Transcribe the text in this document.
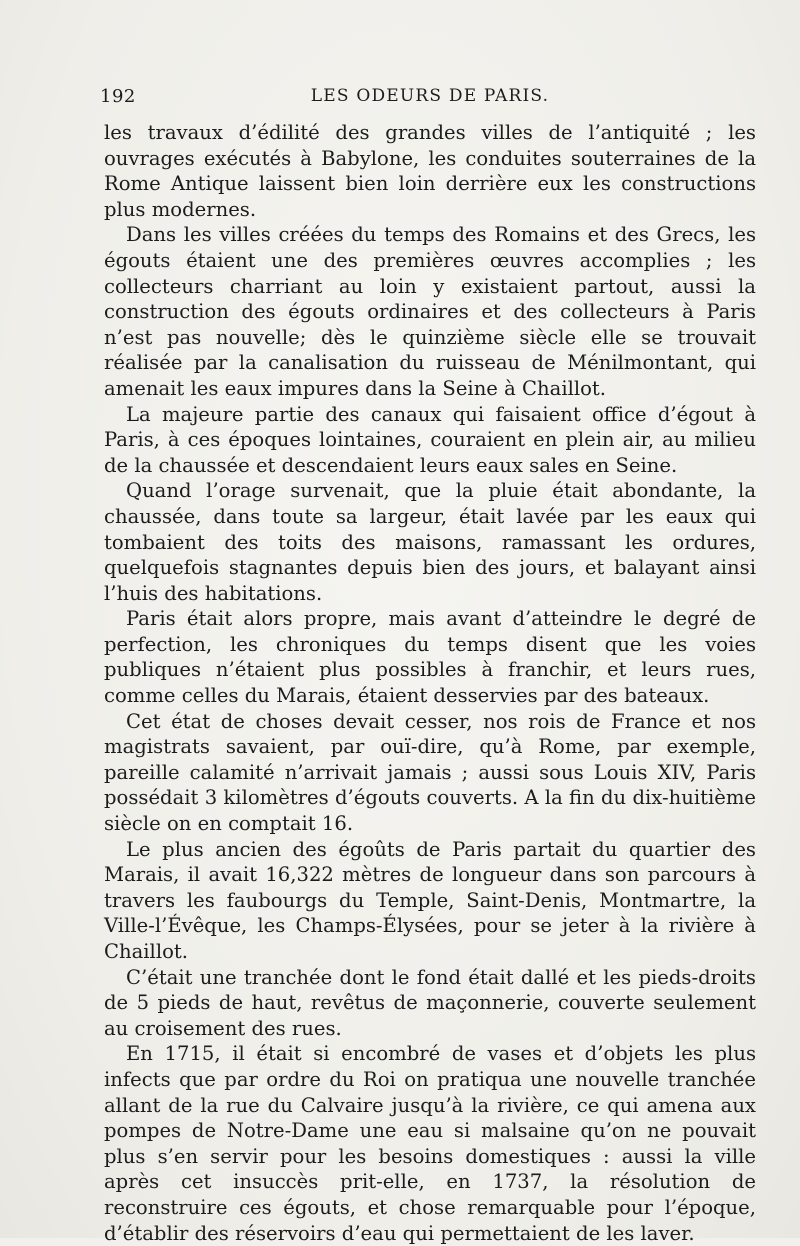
192	LES ODEURS DE PARIS.

les travaux d’édilité des grandes villes de l’antiquité ; les ouvrages exécutés à Babylone, les conduites souterraines de la Rome Antique laissent bien loin derrière eux les constructions plus modernes.

Dans les villes créées du temps des Romains et des Grecs, les égouts étaient une des premières œuvres accomplies ; les collecteurs charriant au loin y existaient partout, aussi la construction des égouts ordinaires et des collecteurs à Paris n’est pas nouvelle; dès le quinzième siècle elle se trouvait réalisée par la canalisation du ruisseau de Ménilmontant, qui amenait les eaux impures dans la Seine à Chaillot.

La majeure partie des canaux qui faisaient office d’égout à Paris, à ces époques lointaines, couraient en plein air, au milieu de la chaussée et descendaient leurs eaux sales en Seine.

Quand l’orage survenait, que la pluie était abondante, la chaussée, dans toute sa largeur, était lavée par les eaux qui tombaient des toits des maisons, ramassant les ordures, quelquefois stagnantes depuis bien des jours, et balayant ainsi l’huis des habitations.

Paris était alors propre, mais avant d’atteindre le degré de perfection, les chroniques du temps disent que les voies publiques n’étaient plus possibles à franchir, et leurs rues, comme celles du Marais, étaient desservies par des bateaux.

Cet état de choses devait cesser, nos rois de France et nos magistrats savaient, par ouï-dire, qu’à Rome, par exemple, pareille calamité n’arrivait jamais ; aussi sous Louis XIV, Paris possédait 3 kilomètres d’égouts couverts. A la fin du dix-huitième siècle on en comptait 16.

Le plus ancien des égoûts de Paris partait du quartier des Marais, il avait 16,322 mètres de longueur dans son parcours à travers les faubourgs du Temple, Saint-Denis, Montmartre, la Ville-l’Évêque, les Champs-Élysées, pour se jeter à la rivière à Chaillot.

C’était une tranchée dont le fond était dallé et les pieds-droits de 5 pieds de haut, revêtus de maçonnerie, couverte seulement au croisement des rues.

En 1715, il était si encombré de vases et d’objets les plus infects que par ordre du Roi on pratiqua une nouvelle tranchée allant de la rue du Calvaire jusqu’à la rivière, ce qui amena aux pompes de Notre-Dame une eau si malsaine qu’on ne pouvait plus s’en servir pour les besoins domestiques : aussi la ville après cet insuccès prit-elle, en 1737, la résolution de reconstruire ces égouts, et chose remarquable pour l’époque, d’établir des réservoirs d’eau qui permettaient de les laver.
